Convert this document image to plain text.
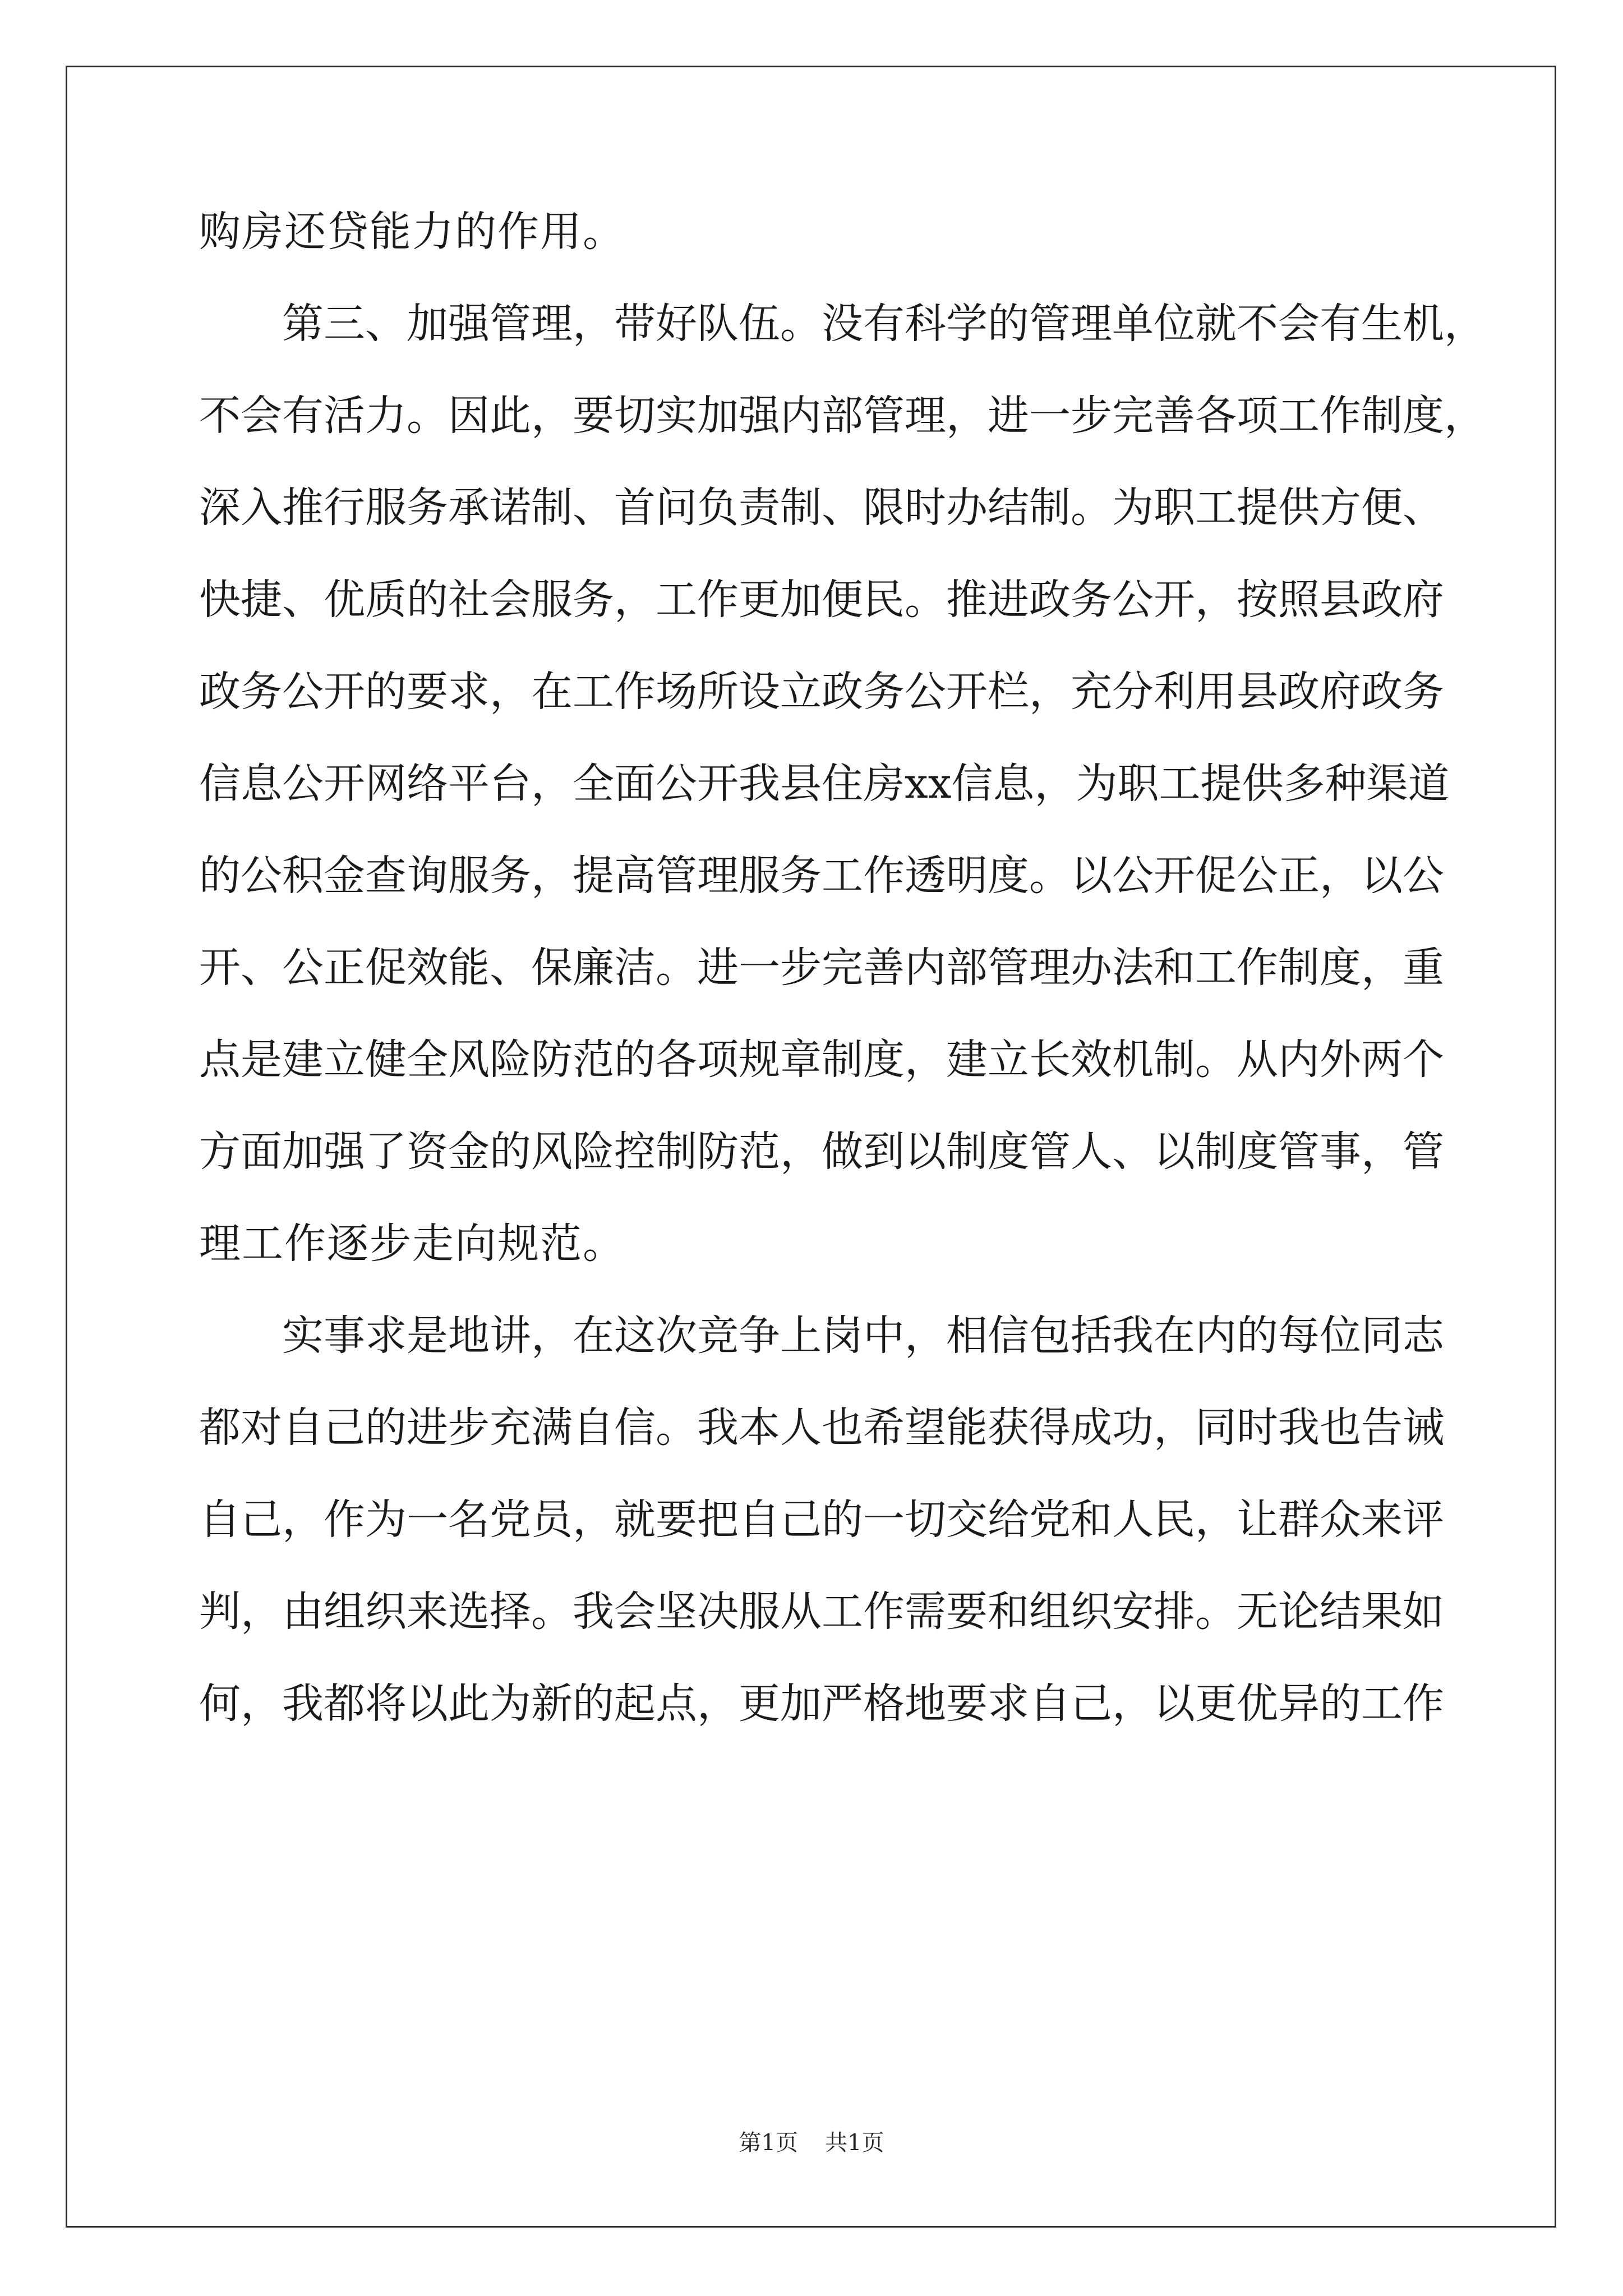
购房还贷能力的作用。
第三、加强管理，带好队伍。没有科学的管理单位就不会有生机，
不会有活力。因此，要切实加强内部管理，进一步完善各项工作制度，
深入推行服务承诺制、首问负责制、限时办结制。为职工提供方便、
快捷、优质的社会服务，工作更加便民。推进政务公开，按照县政府
政务公开的要求，在工作场所设立政务公开栏，充分利用县政府政务
信息公开网络平台，全面公开我县住房xx信息，为职工提供多种渠道
的公积金查询服务，提高管理服务工作透明度。以公开促公正，以公
开、公正促效能、保廉洁。进一步完善内部管理办法和工作制度，重
点是建立健全风险防范的各项规章制度，建立长效机制。从内外两个
方面加强了资金的风险控制防范，做到以制度管人、以制度管事，管
理工作逐步走向规范。
实事求是地讲，在这次竞争上岗中，相信包括我在内的每位同志
都对自己的进步充满自信。我本人也希望能获得成功，同时我也告诫
自己，作为一名党员，就要把自己的一切交给党和人民，让群众来评
判，由组织来选择。我会坚决服从工作需要和组织安排。无论结果如
何，我都将以此为新的起点，更加严格地要求自己，以更优异的工作
第1页 共1页
